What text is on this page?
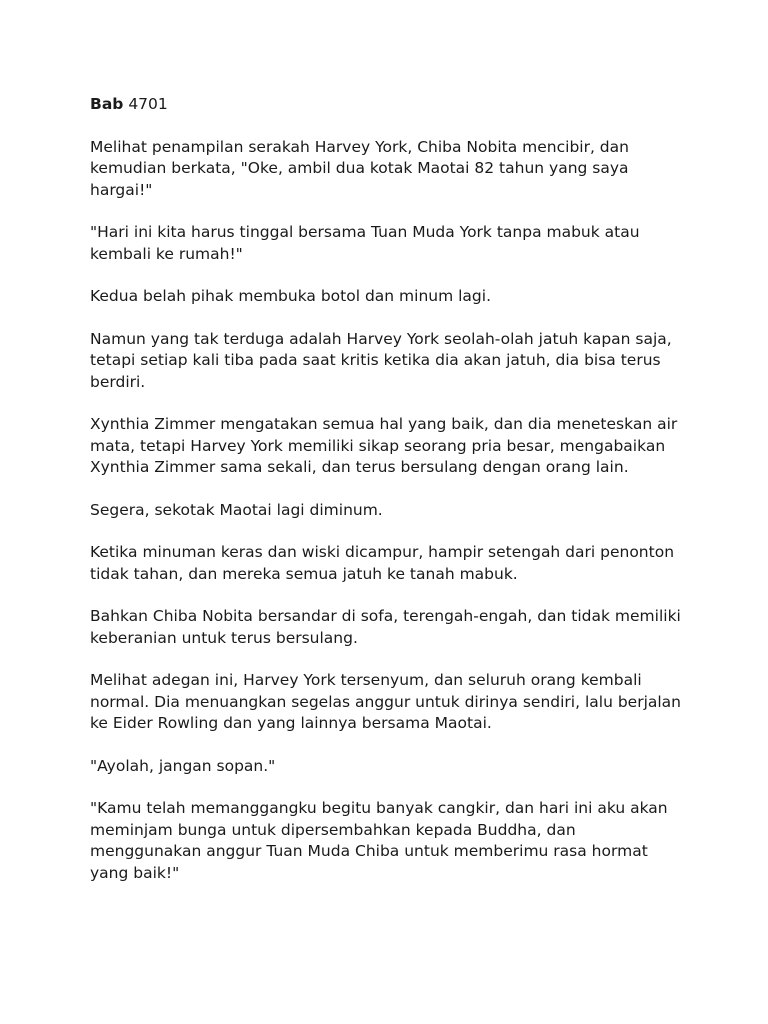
Bab 4701

Melihat penampilan serakah Harvey York, Chiba Nobita mencibir, dan kemudian berkata, "Oke, ambil dua kotak Maotai 82 tahun yang saya hargai!"

"Hari ini kita harus tinggal bersama Tuan Muda York tanpa mabuk atau kembali ke rumah!"

Kedua belah pihak membuka botol dan minum lagi.

Namun yang tak terduga adalah Harvey York seolah-olah jatuh kapan saja, tetapi setiap kali tiba pada saat kritis ketika dia akan jatuh, dia bisa terus berdiri.

Xynthia Zimmer mengatakan semua hal yang baik, dan dia meneteskan air mata, tetapi Harvey York memiliki sikap seorang pria besar, mengabaikan Xynthia Zimmer sama sekali, dan terus bersulang dengan orang lain.

Segera, sekotak Maotai lagi diminum.

Ketika minuman keras dan wiski dicampur, hampir setengah dari penonton tidak tahan, dan mereka semua jatuh ke tanah mabuk.

Bahkan Chiba Nobita bersandar di sofa, terengah-engah, dan tidak memiliki keberanian untuk terus bersulang.

Melihat adegan ini, Harvey York tersenyum, dan seluruh orang kembali normal. Dia menuangkan segelas anggur untuk dirinya sendiri, lalu berjalan ke Eider Rowling dan yang lainnya bersama Maotai.

"Ayolah, jangan sopan."

"Kamu telah memanggangku begitu banyak cangkir, dan hari ini aku akan meminjam bunga untuk dipersembahkan kepada Buddha, dan menggunakan anggur Tuan Muda Chiba untuk memberimu rasa hormat yang baik!"
